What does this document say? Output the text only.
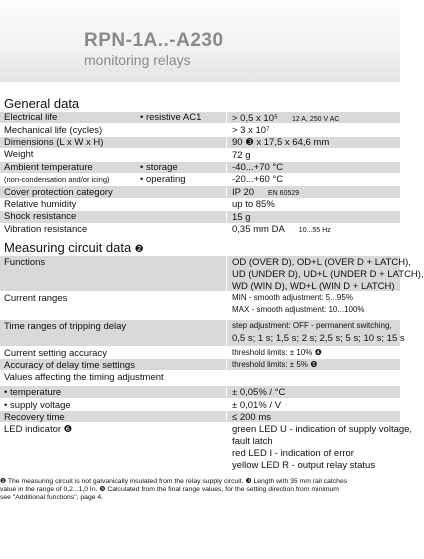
RPN-1A..-A230
monitoring relays
General data
Electrical life	• resistive AC1	> 0,5 x 10⁵ 12 A, 250 V AC
Mechanical life (cycles)	> 3 x 10⁷
Dimensions (L x W x H)	90 ❸ x 17,5 x 64,6 mm
Weight	72 g
Ambient temperature	• storage	-40...+70 °C
(non-condensation and/or icing)	• operating	-20...+60 °C
Cover protection category	IP 20 EN 60529
Relative humidity	up to 85%
Shock resistance	15 g
Vibration resistance	0,35 mm DA 10...55 Hz
Measuring circuit data ❷
Functions	OD (OVER D), OD+L (OVER D + LATCH),
UD (UNDER D), UD+L (UNDER D + LATCH),
WD (WIN D), WD+L (WIN D + LATCH)
Current ranges	MIN - smooth adjustment: 5...95%
MAX - smooth adjustment: 10...100%
Time ranges of tripping delay	step adjustment: OFF - permanent switching,
0,5 s; 1 s; 1,5 s; 2 s; 2,5 s; 5 s; 10 s; 15 s
Current setting accuracy	threshold limits: ± 10% ❹
Accuracy of delay time settings	threshold limits: ± 5% ❺
Values affecting the timing adjustment
• temperature	± 0,05% / °C
• supply voltage	± 0,01% / V
Recovery time	≤ 200 ms
LED indicator ❻	green LED U - indication of supply voltage,
fault latch
red LED I - indication of error
yellow LED R - output relay status
❷ The measuring circuit is not galvanically insulated from the relay supply circuit. ❸ Length with 35 mm rail catches
value in the range of 0,2...1,0 In. ❺ Calculated from the final range values, for the setting direction from minimum
see "Additional functions", page 4.
